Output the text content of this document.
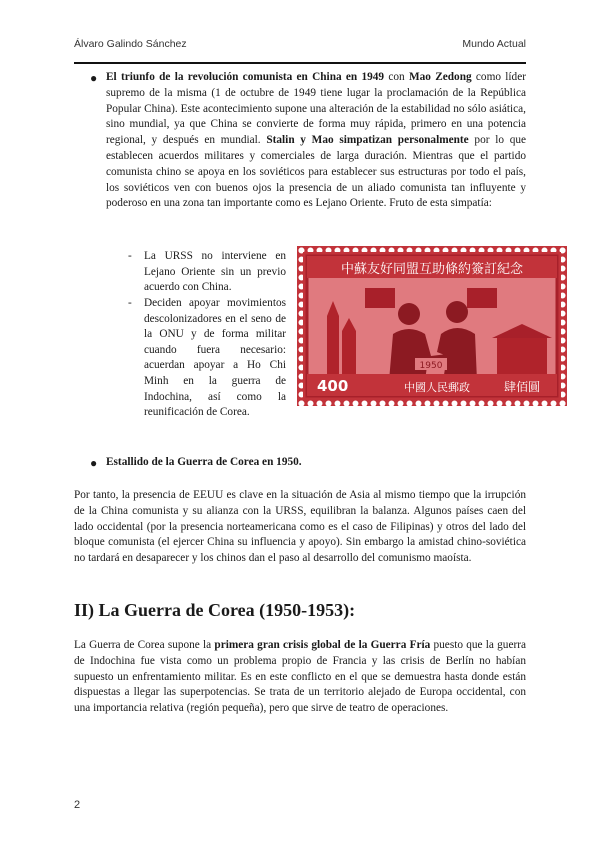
Álvaro Galindo Sánchez	Mundo Actual
● El triunfo de la revolución comunista en China en 1949 con Mao Zedong como líder supremo de la misma (1 de octubre de 1949 tiene lugar la proclamación de la República Popular China). Este acontecimiento supone una alteración de la estabilidad no sólo asiática, sino mundial, ya que China se convierte de forma muy rápida, primero en una potencia regional, y después en mundial. Stalin y Mao simpatizan personalmente por lo que establecen acuerdos militares y comerciales de larga duración. Mientras que el partido comunista chino se apoya en los soviéticos para establecer sus estructuras por todo el país, los soviéticos ven con buenos ojos la presencia de un aliado comunista tan influyente y poderoso en una zona tan importante como es Lejano Oriente. Fruto de esta simpatía:
- La URSS no interviene en Lejano Oriente sin un previo acuerdo con China.
- Deciden apoyar movimientos descolonizadores en el seno de la ONU y de forma militar cuando fuera necesario: acuerdan apoyar a Ho Chi Minh en la guerra de Indochina, así como la reunificación de Corea.
中蘇友好同盟互助條約簽訂紀念
1950
400	中國人民郵政	肆佰圓
● Estallido de la Guerra de Corea en 1950.
Por tanto, la presencia de EEUU es clave en la situación de Asia al mismo tiempo que la irrupción de la China comunista y su alianza con la URSS, equilibran la balanza. Algunos países caen del lado occidental (por la presencia norteamericana como es el caso de Filipinas) y otros del lado del bloque comunista (el ejercer China su influencia y apoyo). Sin embargo la amistad chino-soviética no tardará en desaparecer y los chinos dan el paso al desarrollo del comunismo maoísta.
II) La Guerra de Corea (1950-1953):
La Guerra de Corea supone la primera gran crisis global de la Guerra Fría puesto que la guerra de Indochina fue vista como un problema propio de Francia y las crisis de Berlín no habían supuesto un enfrentamiento militar. Es en este conflicto en el que se demuestra hasta donde están dispuestas a llegar las superpotencias. Se trata de un territorio alejado de Europa occidental, con una importancia relativa (región pequeña), pero que sirve de teatro de operaciones.
2
